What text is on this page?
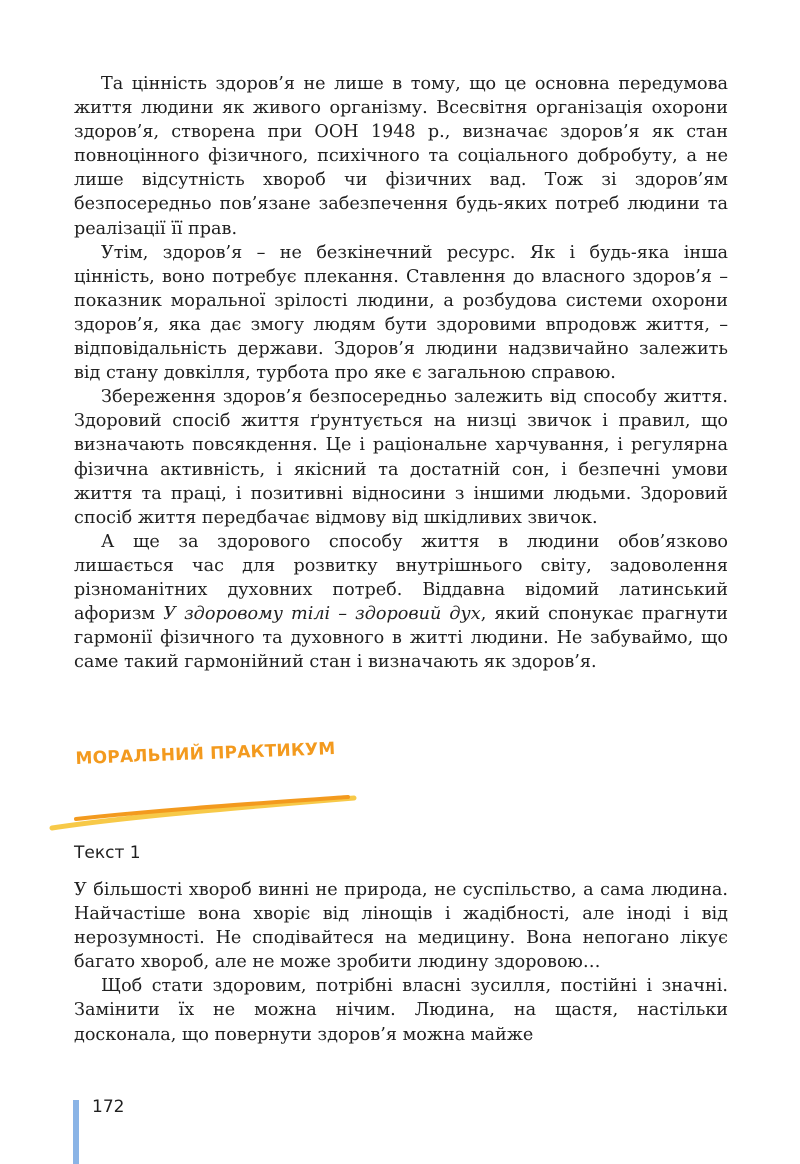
Та цінність здоров’я не лише в тому, що це основна передумова життя людини як живого організму. Всесвітня організація охорони здоров’я, створена при ООН 1948 р., визначає здоров’я як стан повноцінного фізичного, психічного та соціального добробуту, а не лише відсутність хвороб чи фізичних вад. Тож зі здоров’ям безпосередньо пов’язане забезпечення будь-яких потреб людини та реалізації її прав.

Утім, здоров’я – не безкінечний ресурс. Як і будь-яка інша цінність, воно потребує плекання. Ставлення до власного здоров’я – показник моральної зрілості людини, а розбудова системи охорони здоров’я, яка дає змогу людям бути здоровими впродовж життя, – відповідальність держави. Здоров’я людини надзвичайно залежить від стану довкілля, турбота про яке є загальною справою.

Збереження здоров’я безпосередньо залежить від способу життя. Здоровий спосіб життя ґрунтується на низці звичок і правил, що визначають повсякдення. Це і раціональне харчування, і регулярна фізична активність, і якісний та достатній сон, і безпечні умови життя та праці, і позитивні відносини з іншими людьми. Здоровий спосіб життя передбачає відмову від шкідливих звичок.

А ще за здорового способу життя в людини обов’язково лишається час для розвитку внутрішнього світу, задоволення різноманітних духовних потреб. Віддавна відомий латинський афоризм У здоровому тілі – здоровий дух, який спонукає прагнути гармонії фізичного та духовного в житті людини. Не забуваймо, що саме такий гармонійний стан і визначають як здоров’я.

МОРАЛЬНИЙ ПРАКТИКУМ
Текст 1

У більшості хвороб винні не природа, не суспільство, а сама людина. Найчастіше вона хворіє від лінощів і жадібності, але іноді і від нерозумності. Не сподівайтеся на медицину. Вона непогано лікує багато хвороб, але не може зробити людину здоровою…

Щоб стати здоровим, потрібні власні зусилля, постійні і значні. Замінити їх не можна нічим. Людина, на щастя, настільки досконала, що повернути здоров’я можна майже

172
